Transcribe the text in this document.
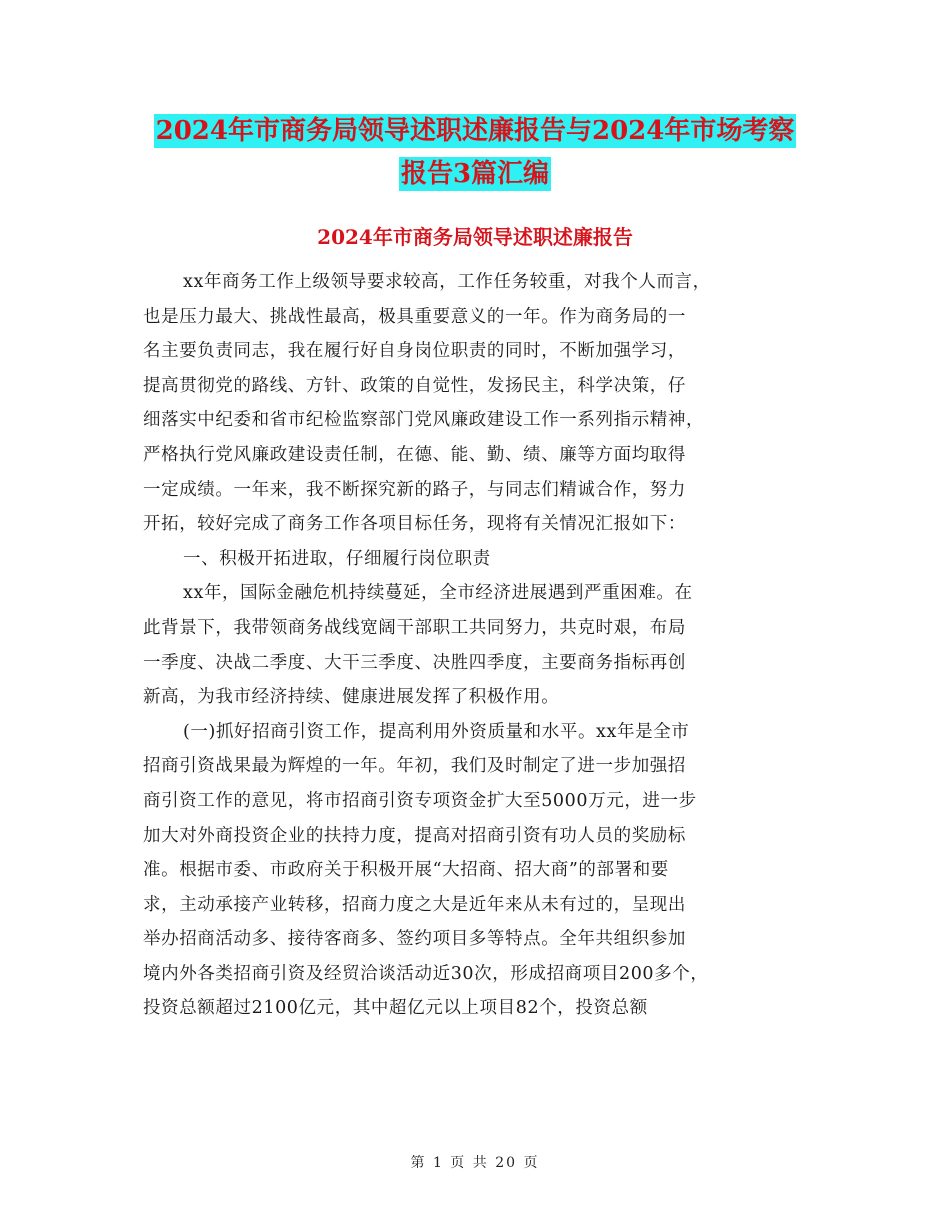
2024年市商务局领导述职述廉报告与2024年市场考察
报告3篇汇编
2024年市商务局领导述职述廉报告
xx年商务工作上级领导要求较高，工作任务较重，对我个人而言，
也是压力最大、挑战性最高，极具重要意义的一年。作为商务局的一
名主要负责同志，我在履行好自身岗位职责的同时，不断加强学习，
提高贯彻党的路线、方针、政策的自觉性，发扬民主，科学决策，仔
细落实中纪委和省市纪检监察部门党风廉政建设工作一系列指示精神，
严格执行党风廉政建设责任制，在德、能、勤、绩、廉等方面均取得
一定成绩。一年来，我不断探究新的路子，与同志们精诚合作，努力
开拓，较好完成了商务工作各项目标任务，现将有关情况汇报如下：
一、积极开拓进取，仔细履行岗位职责
xx年，国际金融危机持续蔓延，全市经济进展遇到严重困难。在
此背景下，我带领商务战线宽阔干部职工共同努力，共克时艰，布局
一季度、决战二季度、大干三季度、决胜四季度，主要商务指标再创
新高，为我市经济持续、健康进展发挥了积极作用。
(一)抓好招商引资工作，提高利用外资质量和水平。xx年是全市
招商引资战果最为辉煌的一年。年初，我们及时制定了进一步加强招
商引资工作的意见，将市招商引资专项资金扩大至5000万元，进一步
加大对外商投资企业的扶持力度，提高对招商引资有功人员的奖励标
准。根据市委、市政府关于积极开展“大招商、招大商”的部署和要
求，主动承接产业转移，招商力度之大是近年来从未有过的，呈现出
举办招商活动多、接待客商多、签约项目多等特点。全年共组织参加
境内外各类招商引资及经贸洽谈活动近30次，形成招商项目200多个，
投资总额超过2100亿元，其中超亿元以上项目82个，投资总额
第 1 页 共 20 页
